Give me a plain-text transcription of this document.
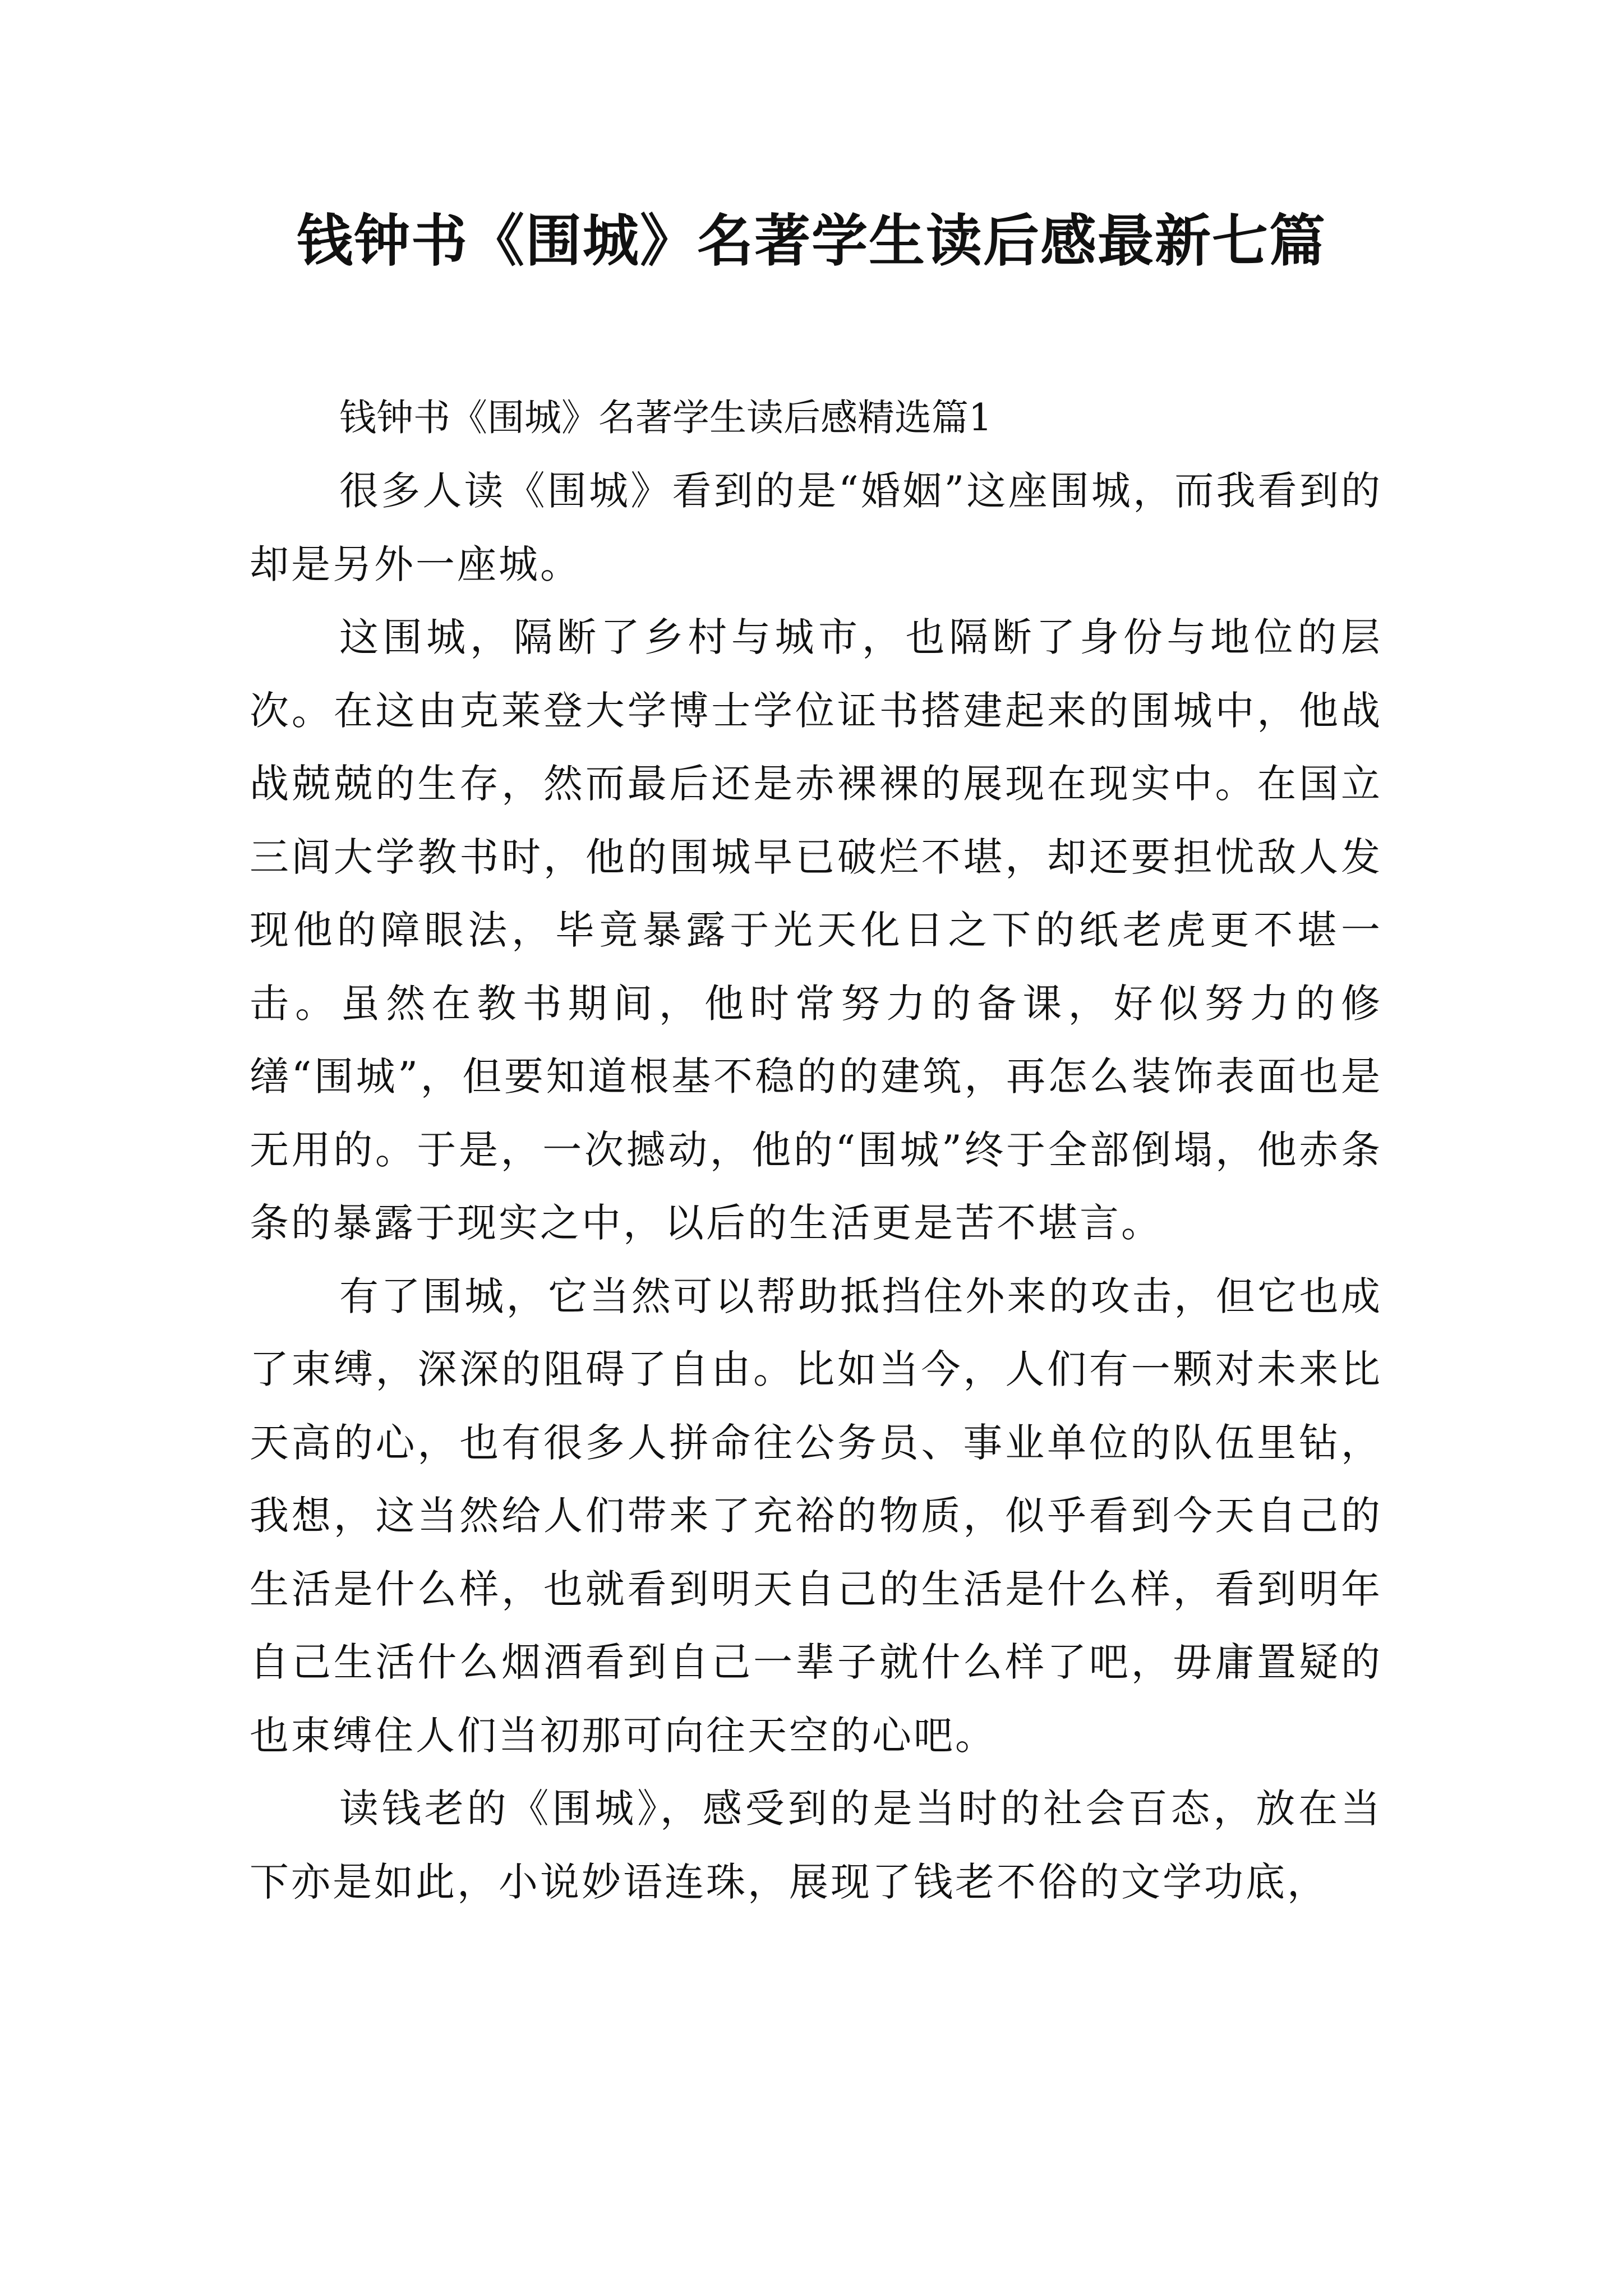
钱钟书《围城》名著学生读后感最新七篇

钱钟书《围城》名著学生读后感精选篇1

很多人读《围城》看到的是“婚姻”这座围城，而我看到的却是另外一座城。

这围城，隔断了乡村与城市，也隔断了身份与地位的层次。在这由克莱登大学博士学位证书搭建起来的围城中，他战战兢兢的生存，然而最后还是赤裸裸的展现在现实中。在国立三闾大学教书时，他的围城早已破烂不堪，却还要担忧敌人发现他的障眼法，毕竟暴露于光天化日之下的纸老虎更不堪一击。虽然在教书期间，他时常努力的备课，好似努力的修缮“围城”，但要知道根基不稳的的建筑，再怎么装饰表面也是无用的。于是，一次撼动，他的“围城”终于全部倒塌，他赤条条的暴露于现实之中，以后的生活更是苦不堪言。

有了围城，它当然可以帮助抵挡住外来的攻击，但它也成了束缚，深深的阻碍了自由。比如当今，人们有一颗对未来比天高的心，也有很多人拼命往公务员、事业单位的队伍里钻，我想，这当然给人们带来了充裕的物质，似乎看到今天自己的生活是什么样，也就看到明天自己的生活是什么样，看到明年自己生活什么烟酒看到自己一辈子就什么样了吧，毋庸置疑的也束缚住人们当初那可向往天空的心吧。

读钱老的《围城》，感受到的是当时的社会百态，放在当下亦是如此，小说妙语连珠，展现了钱老不俗的文学功底，
